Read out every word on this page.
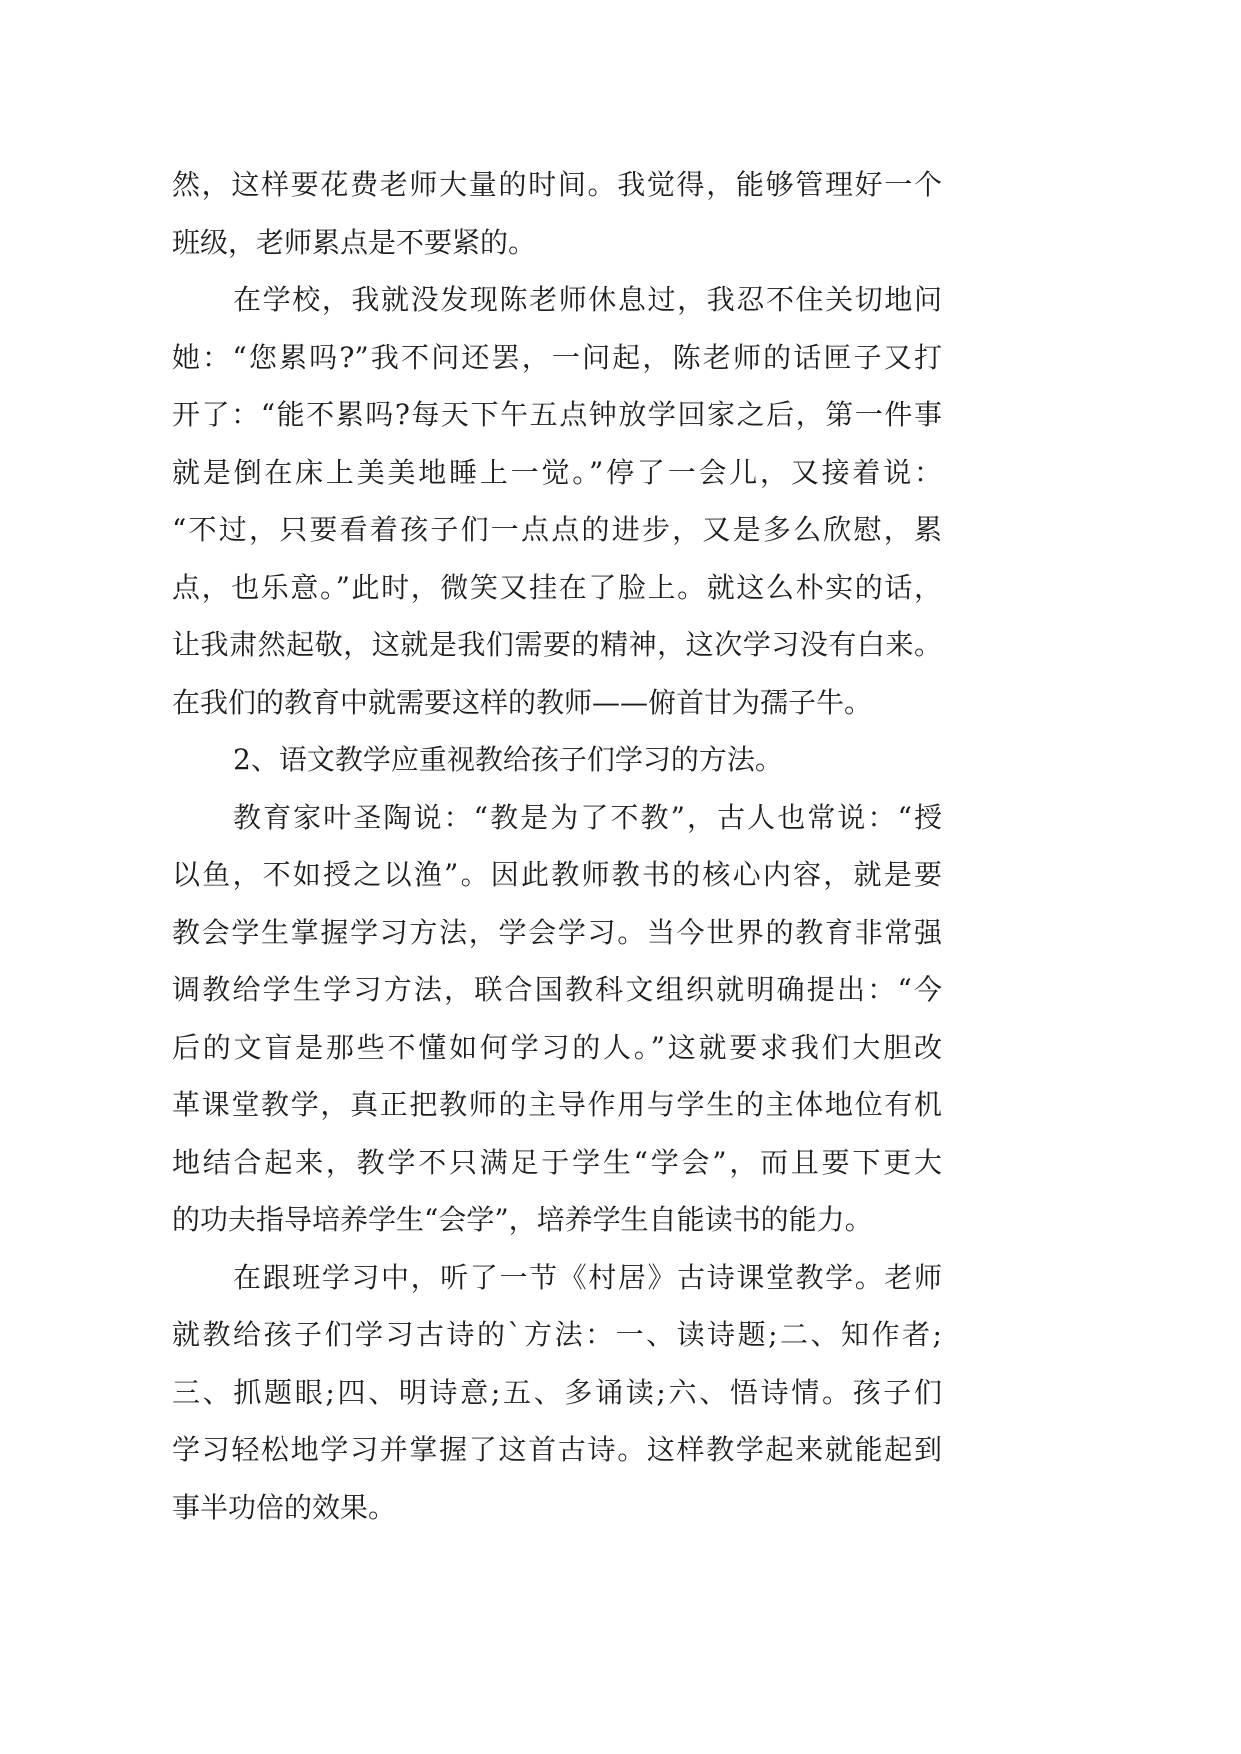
然，这样要花费老师大量的时间。我觉得，能够管理好一个
班级，老师累点是不要紧的。
在学校，我就没发现陈老师休息过，我忍不住关切地问
她：“您累吗?”我不问还罢，一问起，陈老师的话匣子又打
开了：“能不累吗?每天下午五点钟放学回家之后，第一件事
就是倒在床上美美地睡上一觉。”停了一会儿，又接着说：
“不过，只要看着孩子们一点点的进步，又是多么欣慰，累
点，也乐意。”此时，微笑又挂在了脸上。就这么朴实的话，
让我肃然起敬，这就是我们需要的精神，这次学习没有白来。
在我们的教育中就需要这样的教师——俯首甘为孺子牛。
2、语文教学应重视教给孩子们学习的方法。
教育家叶圣陶说：“教是为了不教”，古人也常说：“授
以鱼，不如授之以渔”。因此教师教书的核心内容，就是要
教会学生掌握学习方法，学会学习。当今世界的教育非常强
调教给学生学习方法，联合国教科文组织就明确提出：“今
后的文盲是那些不懂如何学习的人。”这就要求我们大胆改
革课堂教学，真正把教师的主导作用与学生的主体地位有机
地结合起来，教学不只满足于学生“学会”，而且要下更大
的功夫指导培养学生“会学”，培养学生自能读书的能力。
在跟班学习中，听了一节《村居》古诗课堂教学。老师
就教给孩子们学习古诗的`方法：一、读诗题;二、知作者;
三、抓题眼;四、明诗意;五、多诵读;六、悟诗情。孩子们
学习轻松地学习并掌握了这首古诗。这样教学起来就能起到
事半功倍的效果。
